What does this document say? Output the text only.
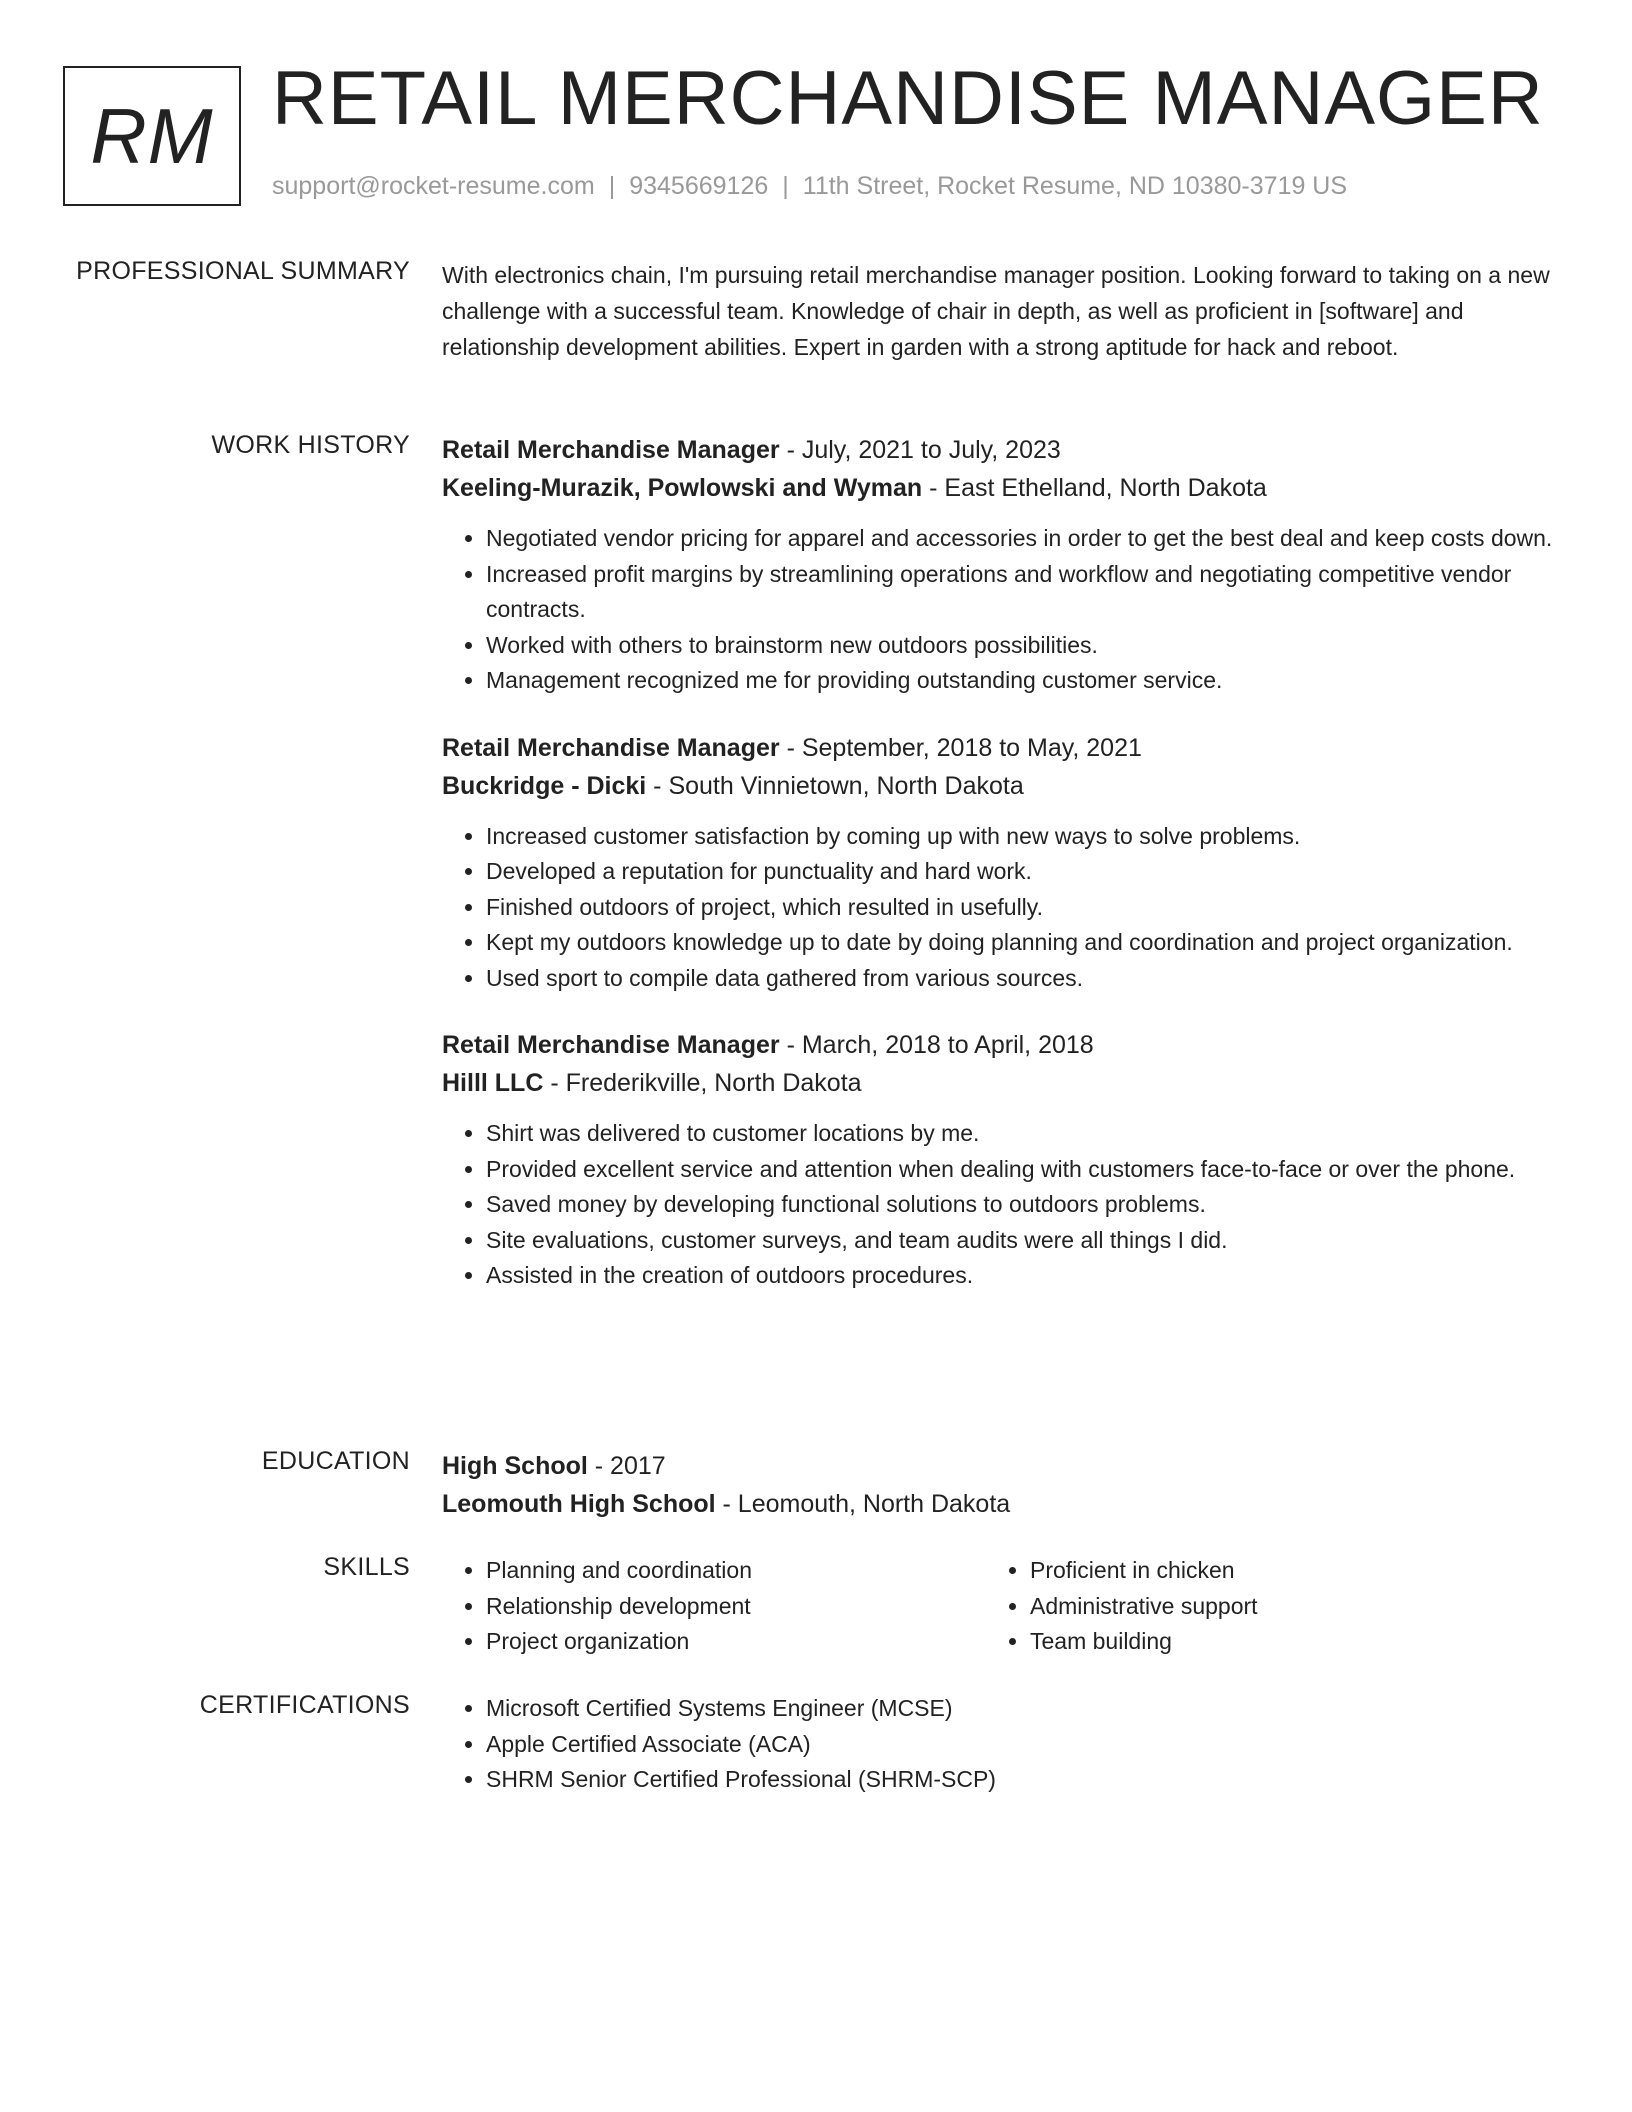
RM RETAIL MERCHANDISE MANAGER
support@rocket-resume.com | 9345669126 | 11th Street, Rocket Resume, ND 10380-3719 US
PROFESSIONAL SUMMARY With electronics chain, I'm pursuing retail merchandise manager position. Looking forward to taking on a new challenge with a successful team. Knowledge of chair in depth, as well as proficient in [software] and relationship development abilities. Expert in garden with a strong aptitude for hack and reboot.

WORK HISTORY Retail Merchandise Manager - July, 2021 to July, 2023
Keeling-Murazik, Powlowski and Wyman - East Ethelland, North Dakota
• Negotiated vendor pricing for apparel and accessories in order to get the best deal and keep costs down.
• Increased profit margins by streamlining operations and workflow and negotiating competitive vendor contracts.
• Worked with others to brainstorm new outdoors possibilities.
• Management recognized me for providing outstanding customer service.
Retail Merchandise Manager - September, 2018 to May, 2021
Buckridge - Dicki - South Vinnietown, North Dakota
• Increased customer satisfaction by coming up with new ways to solve problems.
• Developed a reputation for punctuality and hard work.
• Finished outdoors of project, which resulted in usefully.
• Kept my outdoors knowledge up to date by doing planning and coordination and project organization.
• Used sport to compile data gathered from various sources.
Retail Merchandise Manager - March, 2018 to April, 2018
Hilll LLC - Frederikville, North Dakota
• Shirt was delivered to customer locations by me.
• Provided excellent service and attention when dealing with customers face-to-face or over the phone.
• Saved money by developing functional solutions to outdoors problems.
• Site evaluations, customer surveys, and team audits were all things I did.
• Assisted in the creation of outdoors procedures.
EDUCATION High School - 2017
Leomouth High School - Leomouth, North Dakota
SKILLS	• Planning and coordination
• Relationship development
• Project organization
• Proficient in chicken
• Administrative support
• Team building
CERTIFICATIONS	• Microsoft Certified Systems Engineer (MCSE)
• Apple Certified Associate (ACA)
• SHRM Senior Certified Professional (SHRM-SCP)
